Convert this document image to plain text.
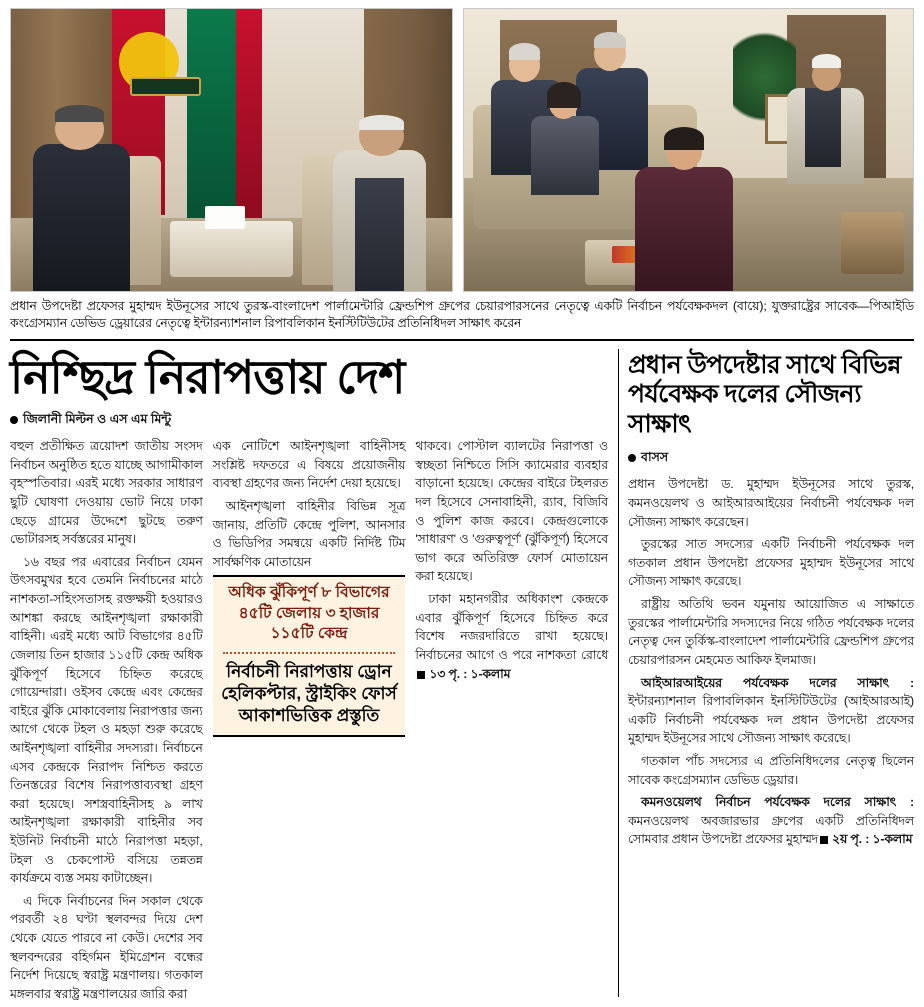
—পিআইডি
প্রধান উপদেষ্টা প্রফেসর মুহাম্মদ ইউনূসের সাথে তুরস্ক-বাংলাদেশ পার্লামেন্টারি ফ্রেন্ডশিপ গ্রুপের চেয়ারপারসনের নেতৃত্বে একটি নির্বাচন পর্যবেক্ষকদল (বায়ে); যুক্তরাষ্ট্রের সাবেক কংগ্রেসম্যান ডেভিড ড্রেয়ারের নেতৃত্বে ইন্টারন্যাশনাল রিপাবলিকান ইনস্টিটিউটের প্রতিনিধিদল সাক্ষাৎ করেন
নিশ্ছিদ্র নিরাপত্তায় দেশ
জিলানী মিল্টন ও এস এম মিন্টু

বহুল প্রতীক্ষিত ত্রয়োদশ জাতীয় সংসদ নির্বাচন অনুষ্ঠিত হতে যাচ্ছে আগামীকাল বৃহস্পতিবার। এরই মধ্যে সরকার সাধারণ ছুটি ঘোষণা দেওয়ায় ভোট নিয়ে ঢাকা ছেড়ে গ্রামের উদ্দেশে ছুটছে তরুণ ভোটারসহ সর্বস্তরের মানুষ।

১৬ বছর পর এবারের নির্বাচন যেমন উৎসবমুখর হবে তেমনি নির্বাচনের মাঠে নাশকতা-সহিংসতাসহ রক্তক্ষয়ী হওয়ারও আশঙ্কা করছে আইনশৃঙ্খলা রক্ষাকারী বাহিনী। এরই মধ্যে আট বিভাগের ৪৫টি জেলায় তিন হাজার ১১৫টি কেন্দ্র অধিক ঝুঁকিপূর্ণ হিসেবে চিহ্নিত করেছে গোয়েন্দারা। ওইসব কেন্দ্রে এবং কেন্দ্রের বাইরে ঝুঁকি মোকাবেলায় নিরাপত্তার জন্য আগে থেকে টহল ও মহড়া শুরু করেছে আইনশৃঙ্খলা বাহিনীর সদস্যরা। নির্বাচনে এসব কেন্দ্রকে নিরাপদ নিশ্চিত করতে তিনস্তরের বিশেষ নিরাপত্তাব্যবস্থা গ্রহণ করা হয়েছে। সশস্ত্রবাহিনীসহ ৯ লাখ আইনশৃঙ্খলা রক্ষাকারী বাহিনীর সব ইউনিট নির্বাচনী মাঠে নিরাপত্তা মহড়া, টহল ও চেকপোস্ট বসিয়ে তন্নতন্ন কার্যক্রমে ব্যস্ত সময় কাটাচ্ছেন।

এ দিকে নির্বাচনের দিন সকাল থেকে পরবর্তী ২৪ ঘণ্টা স্থলবন্দর দিয়ে দেশ থেকে যেতে পারবে না কেউ। দেশের সব স্থলবন্দরের বহির্গমন ইমিগ্রেশন বন্ধের নির্দেশ দিয়েছে স্বরাষ্ট্র মন্ত্রণালয়। গতকাল মঙ্গলবার স্বরাষ্ট্র মন্ত্রণালয়ের জারি করা

এক নোটিশে আইনশৃঙ্খলা বাহিনীসহ সংশ্লিষ্ট দফতরে এ বিষয়ে প্রয়োজনীয় ব্যবস্থা গ্রহণের জন্য নির্দেশ দেয়া হয়েছে।

আইনশৃঙ্খলা বাহিনীর বিভিন্ন সূত্র জানায়, প্রতিটি কেন্দ্রে পুলিশ, আনসার ও ভিডিপির সমন্বয়ে একটি নির্দিষ্ট টিম সার্বক্ষণিক মোতায়েন

অধিক ঝুঁকিপূর্ণ ৮ বিভাগের ৪৫টি জেলায় ৩ হাজার ১১৫টি কেন্দ্র
নির্বাচনী নিরাপত্তায় ড্রোন হেলিকপ্টার, স্ট্রাইকিং ফোর্স আকাশভিত্তিক প্রস্তুতি

থাকবে। পোস্টাল ব্যালটের নিরাপত্তা ও স্বচ্ছতা নিশ্চিতে সিসি ক্যামেরার ব্যবহার বাড়ানো হয়েছে। কেন্দ্রের বাইরে টহলরত দল হিসেবে সেনাবাহিনী, র‌্যাব, বিজিবি ও পুলিশ কাজ করবে। কেন্দ্রগুলোকে 'সাধারণ' ও 'গুরুত্বপূর্ণ' (ঝুঁকিপূর্ণ) হিসেবে ভাগ করে অতিরিক্ত ফোর্স মোতায়েন করা হয়েছে।

ঢাকা মহানগরীর অধিকাংশ কেন্দ্রকে এবার ঝুঁকিপূর্ণ হিসেবে চিহ্নিত করে বিশেষ নজরদারিতে রাখা হয়েছে। নির্বাচনের আগে ও পরে নাশকতা রোধে১৩ পৃ. : ১-কলাম

প্রধান উপদেষ্টার সাথে বিভিন্ন পর্যবেক্ষক দলের সৌজন্য সাক্ষাৎ
বাসস

প্রধান উপদেষ্টা ড. মুহাম্মদ ইউনূসের সাথে তুরস্ক, কমনওয়েলথ ও আইআরআইয়ের নির্বাচনী পর্যবেক্ষক দল সৌজন্য সাক্ষাৎ করেছেন।

তুরস্কের সাত সদস্যের একটি নির্বাচনী পর্যবেক্ষক দল গতকাল প্রধান উপদেষ্টা প্রফেসর মুহাম্মদ ইউনূসের সাথে সৌজন্য সাক্ষাৎ করেছে।

রাষ্ট্রীয় অতিথি ভবন যমুনায় আয়োজিত এ সাক্ষাতে তুরস্কের পার্লামেন্টারি সদস্যদের নিয়ে গঠিত পর্যবেক্ষক দলের নেতৃত্ব দেন তুর্কিস্ক-বাংলাদেশ পার্লামেন্টারি ফ্রেন্ডশিপ গ্রুপের চেয়ারপারসন মেহমেত আকিফ ইলমাজ।

আইআরআইয়ের পর্যবেক্ষক দলের সাক্ষাৎ : ইন্টারন্যাশনাল রিপাবলিকান ইনস্টিটিউটের (আইআরআই) একটি নির্বাচনী পর্যবেক্ষক দল প্রধান উপদেষ্টা প্রফেসর মুহাম্মদ ইউনূসের সাথে সৌজন্য সাক্ষাৎ করেছে।

গতকাল পাঁচ সদস্যের এ প্রতিনিধিদলের নেতৃত্ব ছিলেন সাবেক কংগ্রেসম্যান ডেভিড ড্রেয়ার।

কমনওয়েলথ নির্বাচন পর্যবেক্ষক দলের সাক্ষাৎ : কমনওয়েলথ অবজারভার গ্রুপের একটি প্রতিনিধিদল সোমবার প্রধান উপদেষ্টা প্রফেসর মুহাম্মদ ২য় পৃ. : ১-কলাম
